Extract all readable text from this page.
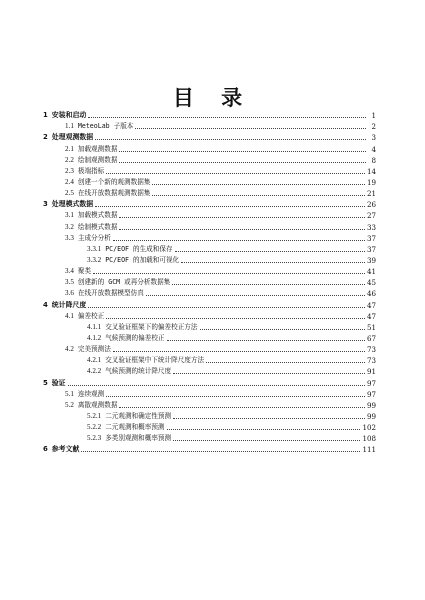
目 录
1 安装和启动	1
1.1 MeteoLab 子版本	2
2 处理观测数据	3
2.1 加载观测数据	4
2.2 绘制观测数据	8
2.3 极端指标	14
2.4 创建一个新的观测数据集	19
2.5 在线开放数据观测数据集	21
3 处理模式数据	26
3.1 加载模式数据	27
3.2 绘制模式数据	33
3.3 主成分分析	37
3.3.1 PC/EOF 的生成和保存	37
3.3.2 PC/EOF 的加载和可视化	39
3.4 聚类	41
3.5 创建新的 GCM 或再分析数据集	45
3.6 在线开放数据模型仿真	46
4 统计降尺度	47
4.1 偏差校正	47
4.1.1 交叉验证框架下的偏差校正方法	51
4.1.2 气候预测的偏差校正	67
4.2 完美预测法	73
4.2.1 交叉验证框架中下统计降尺度方法	73
4.2.2 气候预测的统计降尺度	91
5 验证	97
5.1 连续观测	97
5.2 离散观测数据	99
5.2.1 二元观测和确定性预测	99
5.2.2 二元观测和概率预测	102
5.2.3 多类别观测和概率预测	108
6 参考文献	111
